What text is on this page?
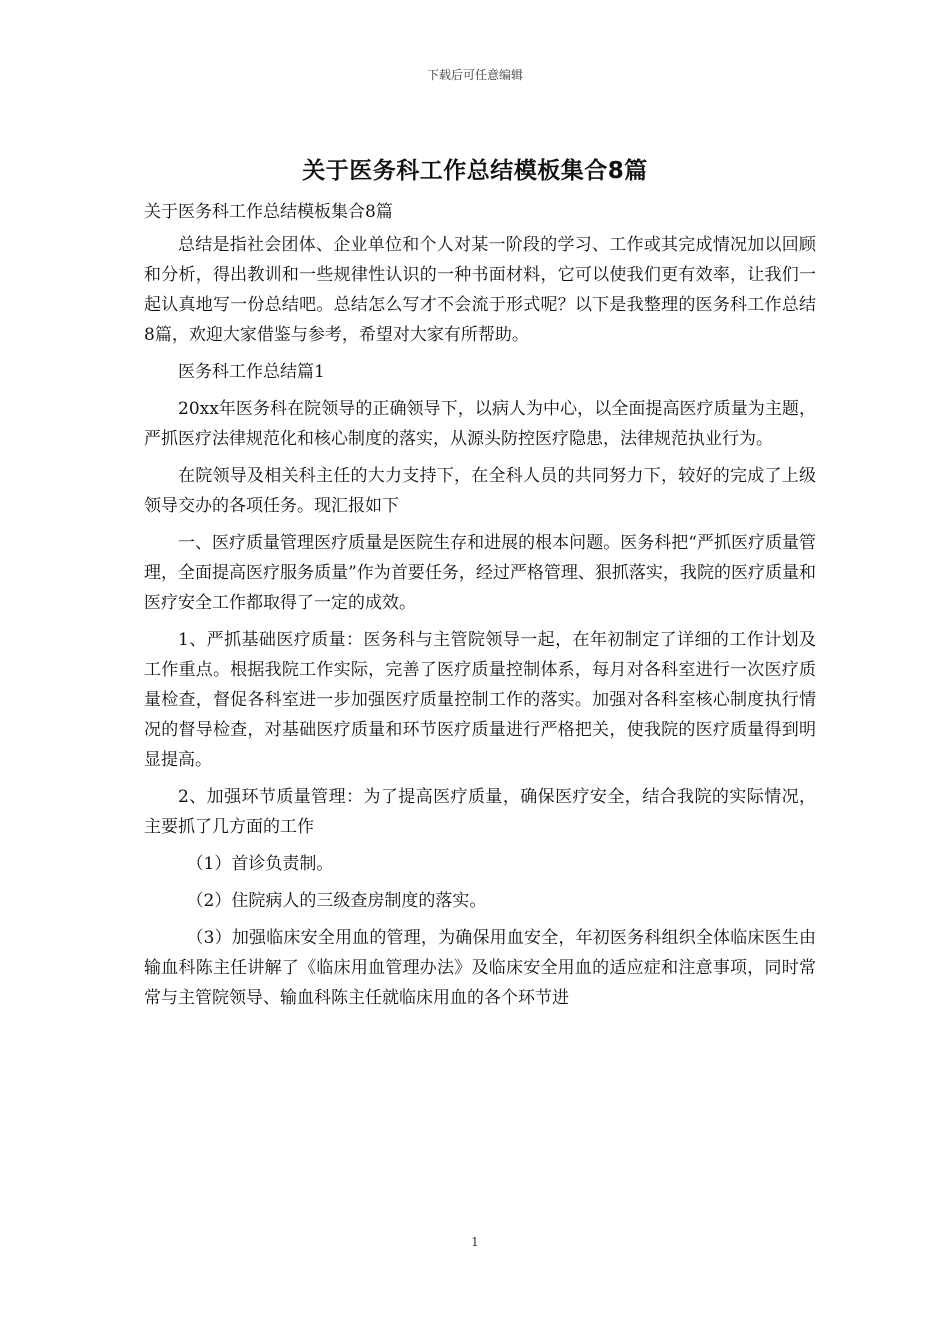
下载后可任意编辑
关于医务科工作总结模板集合8篇

关于医务科工作总结模板集合8篇

总结是指社会团体、企业单位和个人对某一阶段的学习、工作或其完成情况加以回顾和分析，得出教训和一些规律性认识的一种书面材料，它可以使我们更有效率，让我们一起认真地写一份总结吧。总结怎么写才不会流于形式呢？以下是我整理的医务科工作总结8篇，欢迎大家借鉴与参考，希望对大家有所帮助。

医务科工作总结篇1

20xx年医务科在院领导的正确领导下，以病人为中心，以全面提高医疗质量为主题，严抓医疗法律规范化和核心制度的落实，从源头防控医疗隐患，法律规范执业行为。

在院领导及相关科主任的大力支持下，在全科人员的共同努力下，较好的完成了上级领导交办的各项任务。现汇报如下

一、医疗质量管理医疗质量是医院生存和进展的根本问题。医务科把“严抓医疗质量管理，全面提高医疗服务质量”作为首要任务，经过严格管理、狠抓落实，我院的医疗质量和医疗安全工作都取得了一定的成效。

1、严抓基础医疗质量：医务科与主管院领导一起，在年初制定了详细的工作计划及工作重点。根据我院工作实际，完善了医疗质量控制体系，每月对各科室进行一次医疗质量检查，督促各科室进一步加强医疗质量控制工作的落实。加强对各科室核心制度执行情况的督导检查，对基础医疗质量和环节医疗质量进行严格把关，使我院的医疗质量得到明显提高。

2、加强环节质量管理：为了提高医疗质量，确保医疗安全，结合我院的实际情况，主要抓了几方面的工作

（1）首诊负责制。

（2）住院病人的三级查房制度的落实。

（3）加强临床安全用血的管理，为确保用血安全，年初医务科组织全体临床医生由输血科陈主任讲解了《临床用血管理办法》及临床安全用血的适应症和注意事项，同时常常与主管院领导、输血科陈主任就临床用血的各个环节进

1
